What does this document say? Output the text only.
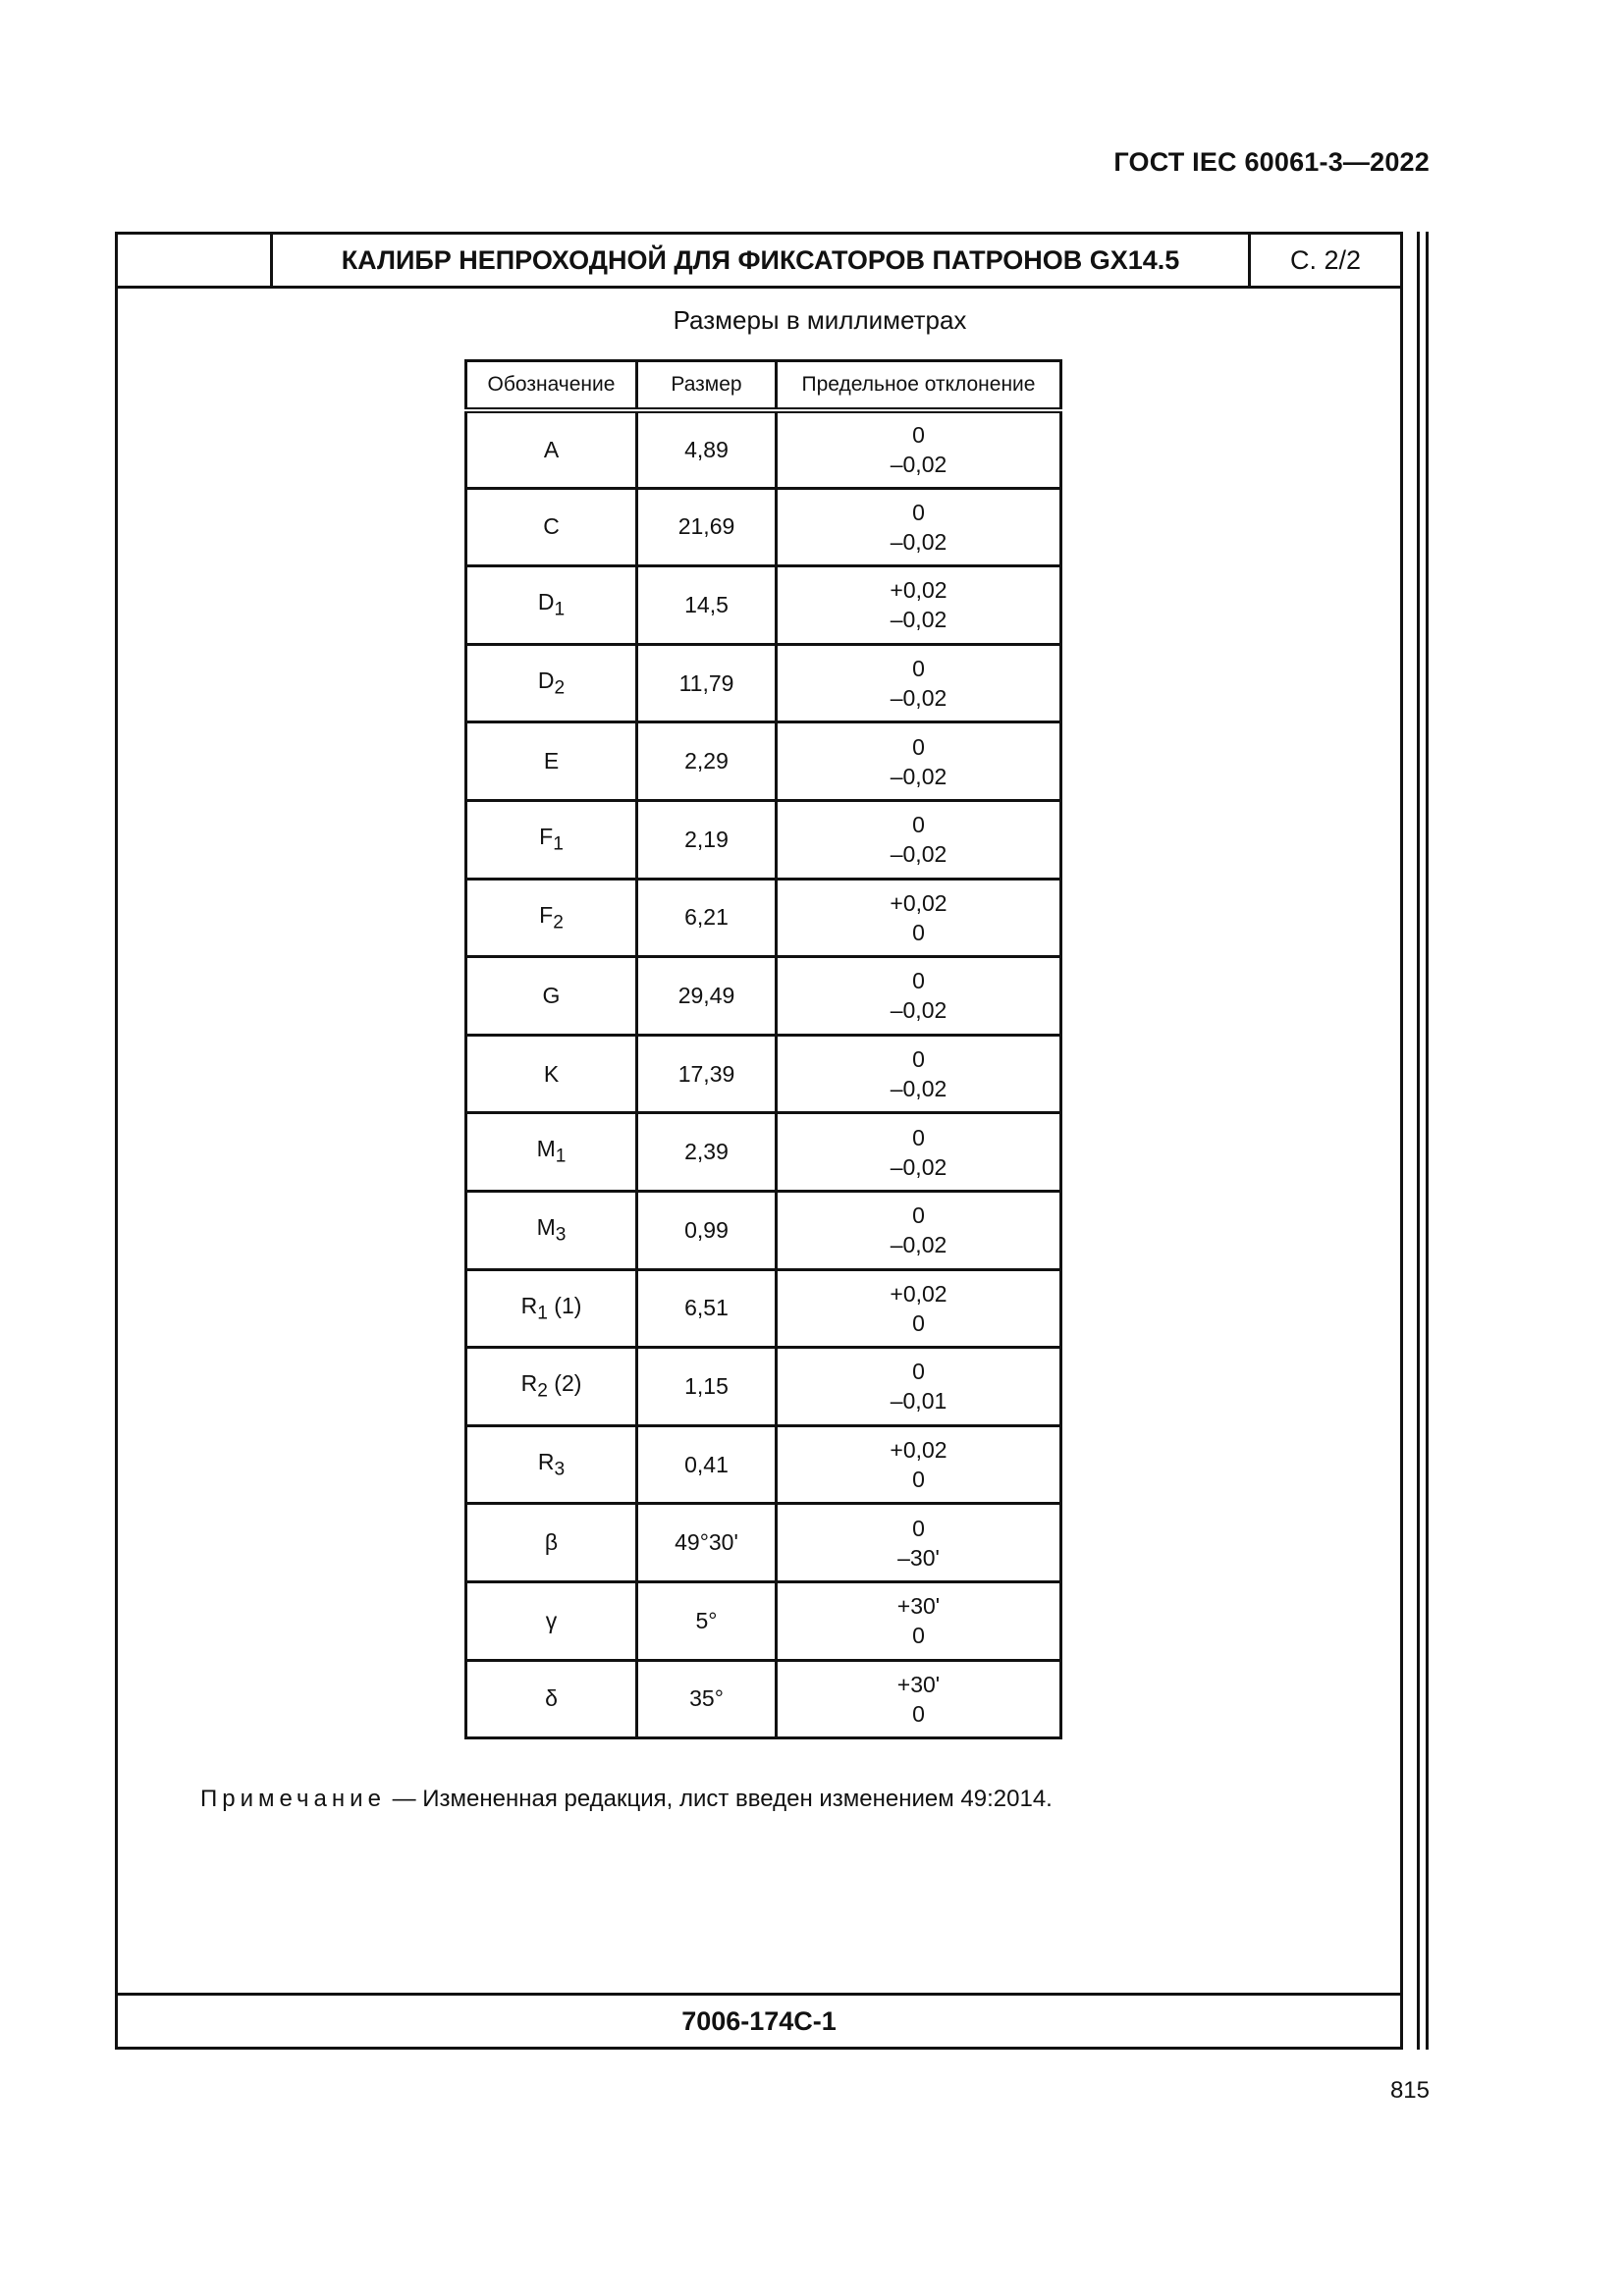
ГОСТ IEC 60061-3—2022
КАЛИБР НЕПРОХОДНОЙ ДЛЯ ФИКСАТОРОВ ПАТРОНОВ GX14.5	С. 2/2
Размеры в миллиметрах
Обозначение	Размер	Предельное отклонение
A	4,89	0
–0,02

C	21,69	0
–0,02

$D_1$	14,5	+0,02
–0,02

$D_2$	11,79	0
–0,02

E	2,29	0
–0,02

$F_1$	2,19	0
–0,02

$F_2$	6,21	+0,02
0

G	29,49	0
–0,02

K	17,39	0
–0,02

$M_1$	2,39	0
–0,02

$M_3$	0,99	0
–0,02

$R_1$ (1)	6,51	+0,02
0

$R_2$ (2)	1,15	0
–0,01

$R_3$	0,41	+0,02
0

β	49°30'	0
–30'

γ	5°	+30'
0

δ	35°	+30'
0
Примечание — Измененная редакция, лист введен изменением 49:2014.
7006-174С-1
815
